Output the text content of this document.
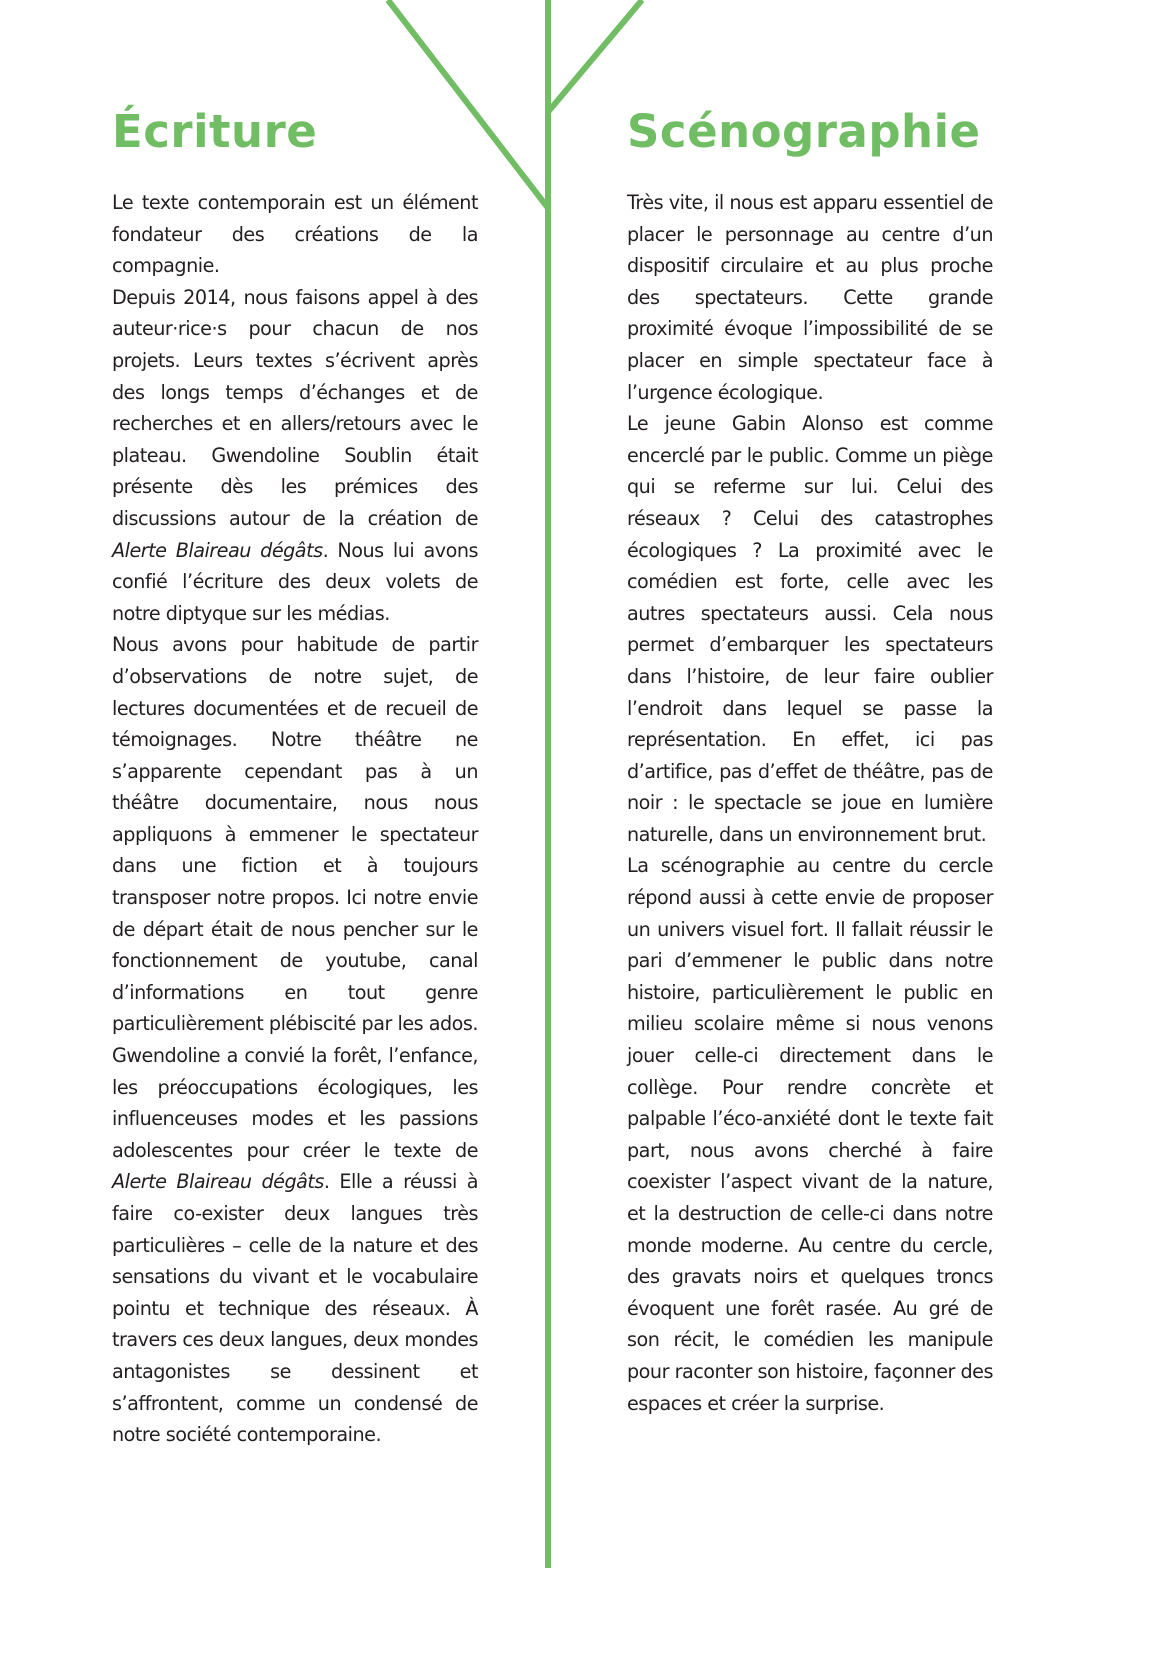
Écriture

Le texte contemporain est un élément fondateur des créations de la compagnie.

Depuis 2014, nous faisons appel à des auteur·rice·s pour chacun de nos projets. Leurs textes s’écrivent après des longs temps d’échanges et de recherches et en allers/retours avec le plateau. Gwendoline Soublin était présente dès les prémices des discussions autour de la création de Alerte Blaireau dégâts. Nous lui avons confié l’écriture des deux volets de notre diptyque sur les médias.

Nous avons pour habitude de partir d’observations de notre sujet, de lectures documentées et de recueil de témoignages. Notre théâtre ne s’apparente cependant pas à un théâtre documentaire, nous nous appliquons à emmener le spectateur dans une fiction et à toujours transposer notre propos. Ici notre envie de départ était de nous pencher sur le fonctionnement de youtube, canal d’informations en tout genre particulièrement plébiscité par les ados. Gwendoline a convié la forêt, l’enfance, les préoccupations écologiques, les influenceuses modes et les passions adolescentes pour créer le texte de Alerte Blaireau dégâts. Elle a réussi à faire co-exister deux langues très particulières – celle de la nature et des sensations du vivant et le vocabulaire pointu et technique des réseaux. À travers ces deux langues, deux mondes antagonistes se dessinent et s’affrontent, comme un condensé de notre société contemporaine.

Scénographie

Très vite, il nous est apparu essentiel de placer le personnage au centre d’un dispositif circulaire et au plus proche des spectateurs. Cette grande proximité évoque l’impossibilité de se placer en simple spectateur face à l’urgence écologique.

Le jeune Gabin Alonso est comme encerclé par le public. Comme un piège qui se referme sur lui. Celui des réseaux ? Celui des catastrophes écologiques ? La proximité avec le comédien est forte, celle avec les autres spectateurs aussi. Cela nous permet d’embarquer les spectateurs dans l’histoire, de leur faire oublier l’endroit dans lequel se passe la représentation. En effet, ici pas d’artifice, pas d’effet de théâtre, pas de noir : le spectacle se joue en lumière naturelle, dans un environnement brut.

La scénographie au centre du cercle répond aussi à cette envie de proposer un univers visuel fort. Il fallait réussir le pari d’emmener le public dans notre histoire, particulièrement le public en milieu scolaire même si nous venons jouer celle-ci directement dans le collège. Pour rendre concrète et palpable l’éco-anxiété dont le texte fait part, nous avons cherché à faire coexister l’aspect vivant de la nature, et la destruction de celle-ci dans notre monde moderne. Au centre du cercle, des gravats noirs et quelques troncs évoquent une forêt rasée. Au gré de son récit, le comédien les manipule pour raconter son histoire, façonner des espaces et créer la surprise.
